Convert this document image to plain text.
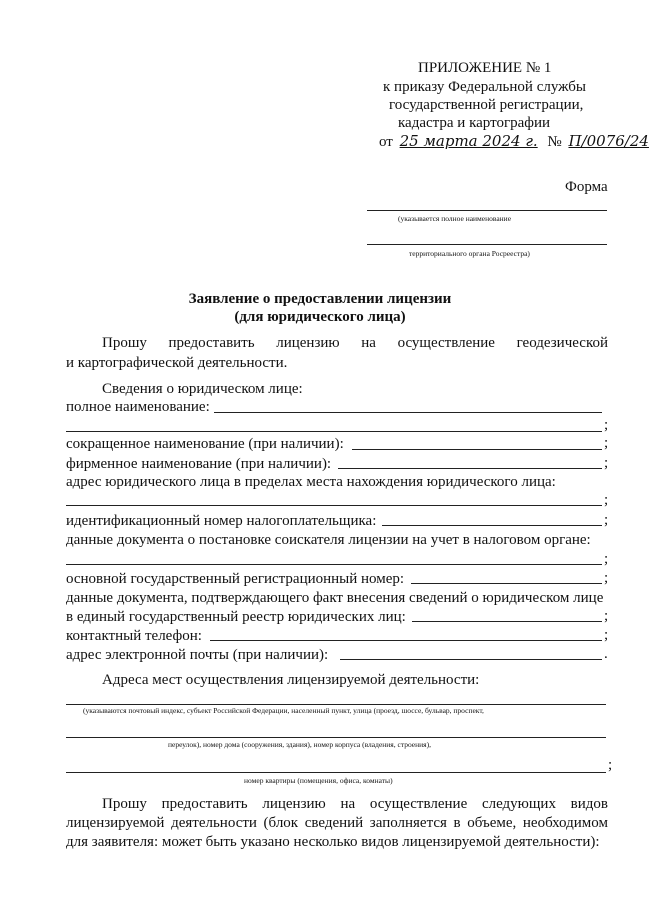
ПРИЛОЖЕНИЕ № 1
к приказу Федеральной службы
государственной регистрации,
кадастра и картографии
от 25 марта 2024 г. № П/0076/24
Форма
(указывается полное наименование
территориального органа Росреестра)
Заявление о предоставлении лицензии
(для юридического лица)
Прошу предоставить лицензию на осуществление геодезической
и картографической деятельности.
Сведения о юридическом лице:
полное наименование:
;
сокращенное наименование (при наличии):	;
фирменное наименование (при наличии):	;
адрес юридического лица в пределах места нахождения юридического лица:
;
идентификационный номер налогоплательщика:	;
данные документа о постановке соискателя лицензии на учет в налоговом органе:
;
основной государственный регистрационный номер:	;
данные документа, подтверждающего факт внесения сведений о юридическом лице
в единый государственный реестр юридических лиц:	;
контактный телефон:	;
адрес электронной почты (при наличии):	.
Адреса мест осуществления лицензируемой деятельности:
(указываются почтовый индекс, субъект Российской Федерации, населенный пункт, улица (проезд, шоссе, бульвар, проспект,
переулок), номер дома (сооружения, здания), номер корпуса (владения, строения),
;
номер квартиры (помещения, офиса, комнаты)
Прошу предоставить лицензию на осуществление следующих видов
лицензируемой деятельности (блок сведений заполняется в объеме, необходимом
для заявителя: может быть указано несколько видов лицензируемой деятельности):
